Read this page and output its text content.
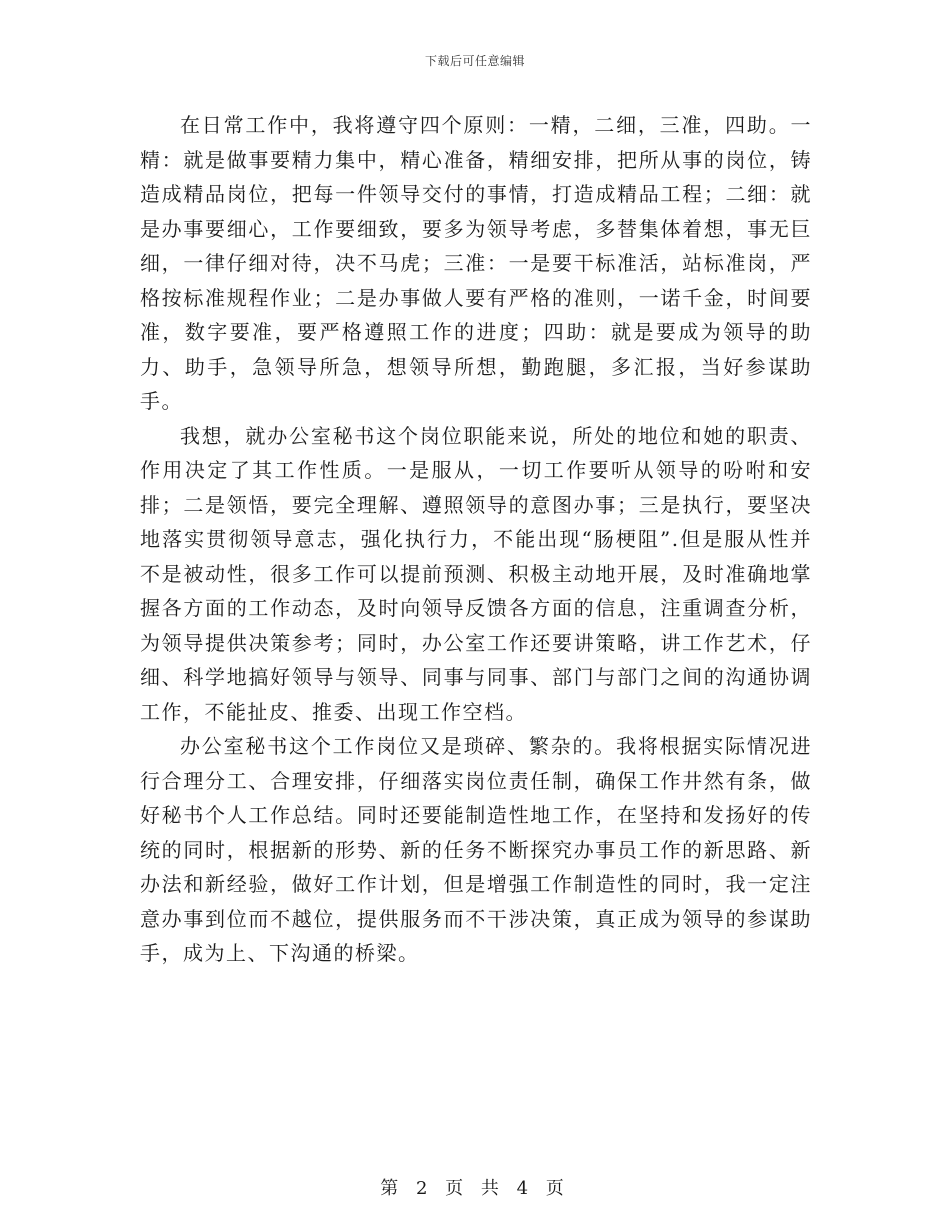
下载后可任意编辑

在日常工作中，我将遵守四个原则：一精，二细，三准，四助。一精：就是做事要精力集中，精心准备，精细安排，把所从事的岗位，铸造成精品岗位，把每一件领导交付的事情，打造成精品工程；二细：就是办事要细心，工作要细致，要多为领导考虑，多替集体着想，事无巨细，一律仔细对待，决不马虎；三准：一是要干标准活，站标准岗，严格按标准规程作业；二是办事做人要有严格的准则，一诺千金，时间要准，数字要准，要严格遵照工作的进度；四助：就是要成为领导的助力、助手，急领导所急，想领导所想，勤跑腿，多汇报，当好参谋助手。

我想，就办公室秘书这个岗位职能来说，所处的地位和她的职责、作用决定了其工作性质。一是服从，一切工作要听从领导的吩咐和安排；二是领悟，要完全理解、遵照领导的意图办事；三是执行，要坚决地落实贯彻领导意志，强化执行力，不能出现“肠梗阻”.但是服从性并不是被动性，很多工作可以提前预测、积极主动地开展，及时准确地掌握各方面的工作动态，及时向领导反馈各方面的信息，注重调查分析，为领导提供决策参考；同时，办公室工作还要讲策略，讲工作艺术，仔细、科学地搞好领导与领导、同事与同事、部门与部门之间的沟通协调工作，不能扯皮、推委、出现工作空档。

办公室秘书这个工作岗位又是琐碎、繁杂的。我将根据实际情况进行合理分工、合理安排，仔细落实岗位责任制，确保工作井然有条，做好秘书个人工作总结。同时还要能制造性地工作，在坚持和发扬好的传统的同时，根据新的形势、新的任务不断探究办事员工作的新思路、新办法和新经验，做好工作计划，但是增强工作制造性的同时，我一定注意办事到位而不越位，提供服务而不干涉决策，真正成为领导的参谋助手，成为上、下沟通的桥梁。

第 2 页 共 4 页
